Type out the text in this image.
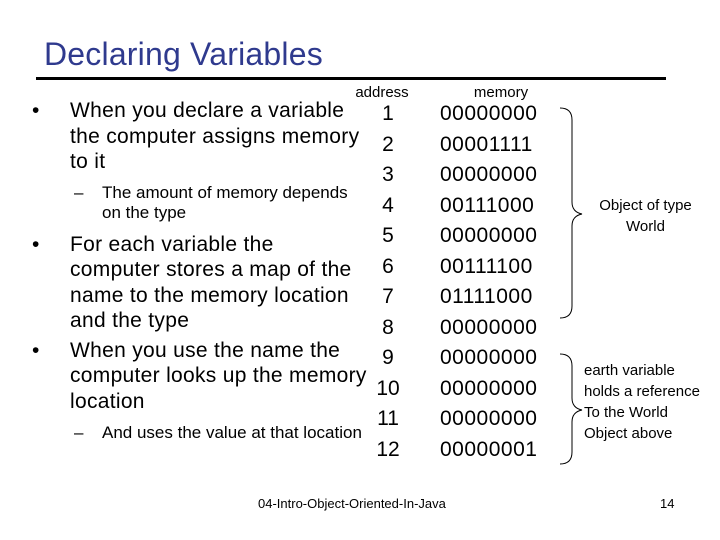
Declaring Variables
• When you declare a variable the computer assigns memory to it
– The amount of memory depends on the type
• For each variable the computer stores a map of the name to the memory location and the type
• When you use the name the computer looks up the memory location
– And uses the value at that location
address	memory
1
2
3
4
5
6
7
8
9
10
11
12
00000000
00001111
00000000
00111000
00000000
00111100
01111000
00000000
00000000
00000000
00000000
00000001
Object of type World
earth variable holds a reference To the World Object above
04-Intro-Object-Oriented-In-Java	14
